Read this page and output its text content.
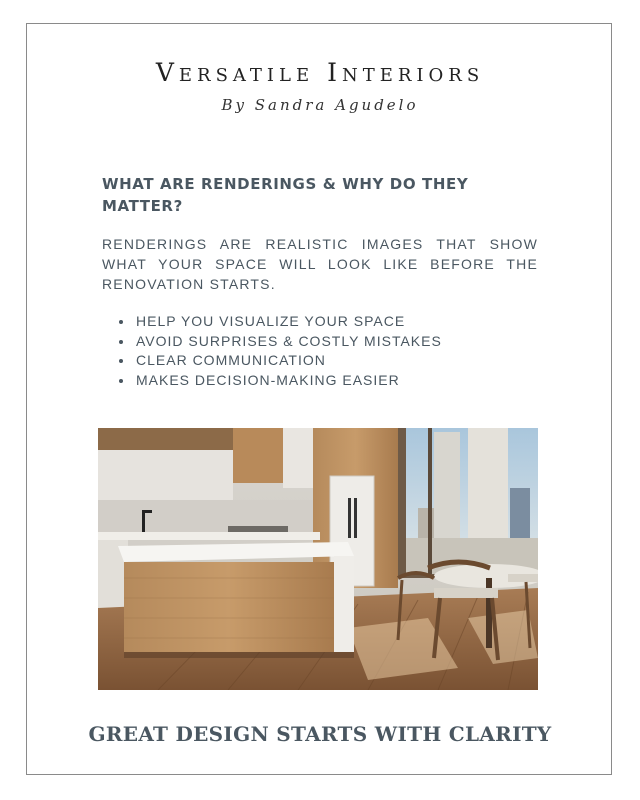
Versatile Interiors
By Sandra Agudelo
WHAT ARE RENDERINGS & WHY DO THEY MATTER?
RENDERINGS ARE REALISTIC IMAGES THAT SHOW WHAT YOUR SPACE WILL LOOK LIKE BEFORE THE RENOVATION STARTS.
• HELP YOU VISUALIZE YOUR SPACE
• AVOID SURPRISES & COSTLY MISTAKES
• CLEAR COMMUNICATION
• MAKES DECISION-MAKING EASIER
GREAT DESIGN STARTS WITH CLARITY
